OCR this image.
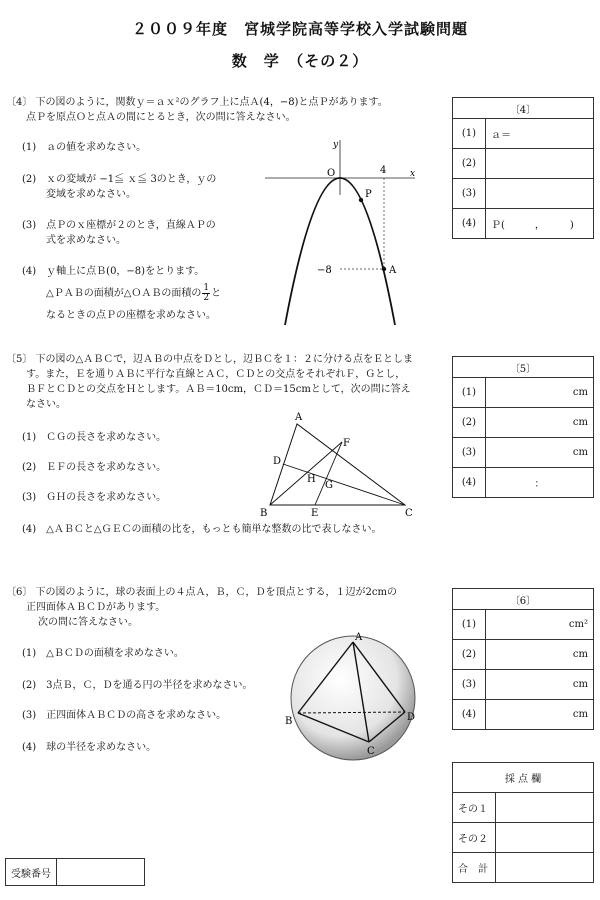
２００９年度　宮城学院高等学校入学試験問題
数　学　（その２）
〔4〕 下の図のように，関数ｙ＝ａｘ²のグラフ上に点Ａ(4，−8)と点Ｐがあります。
点Ｐを原点Ｏと点Ａの間にとるとき，次の問に答えなさい。
(1)　ａの値を求めなさい。
(2)　ｘの変域が −1≦ ｘ≦ 3のとき，ｙの
変域を求めなさい。
(3)　点Ｐのｘ座標が２のとき，直線ＡＰの
式を求めなさい。
(4)　ｙ軸上に点Ｂ(0，−8)をとります。
△ＰＡＢの面積が△ＯＡＢの面積の $\frac{1}{2}$ と
なるときの点Ｐの座標を求めなさい。
y
x
O	4
−8
P
A
〔4〕	
(1)	ａ＝
(2)	
(3)	
(4)	Ｐ(　　　，　　　)
〔5〕 下の図の△ＡＢＣで，辺ＡＢの中点をＤとし，辺ＢＣを１：２に分ける点をＥとしま
す。また，Ｅを通りＡＢに平行な直線とＡＣ，ＣＤとの交点をそれぞれＦ，Ｇとし，
ＢＦとＣＤとの交点をＨとします。ＡＢ＝10cm，ＣＤ＝15cmとして，次の問に答え
なさい。
(1)　ＣＧの長さを求めなさい。
(2)　ＥＦの長さを求めなさい。
(3)　ＧＨの長さを求めなさい。
(4)　△ＡＢＣと△ＧＥＣの面積の比を，もっとも簡単な整数の比で表しなさい。
A
B	C
D
E
F
G
H
〔5〕	
(1)	cm
(2)	cm
(3)	cm
(4)	：
〔6〕 下の図のように，球の表面上の４点Ａ，Ｂ，Ｃ，Ｄを頂点とする，１辺が2cmの
正四面体ＡＢＣＤがあります。
次の問に答えなさい。
(1)　△ＢＣＤの面積を求めなさい。
(2)　3点Ｂ，Ｃ，Ｄを通る円の半径を求めなさい。
(3)　正四面体ＡＢＣＤの高さを求めなさい。
(4)　球の半径を求めなさい。
A
B
C
D
〔6〕	
(1)	cm²
(2)	cm
(3)	cm
(4)	cm
採 点 欄	
その１	
その２	
合　計	
受験番号	
